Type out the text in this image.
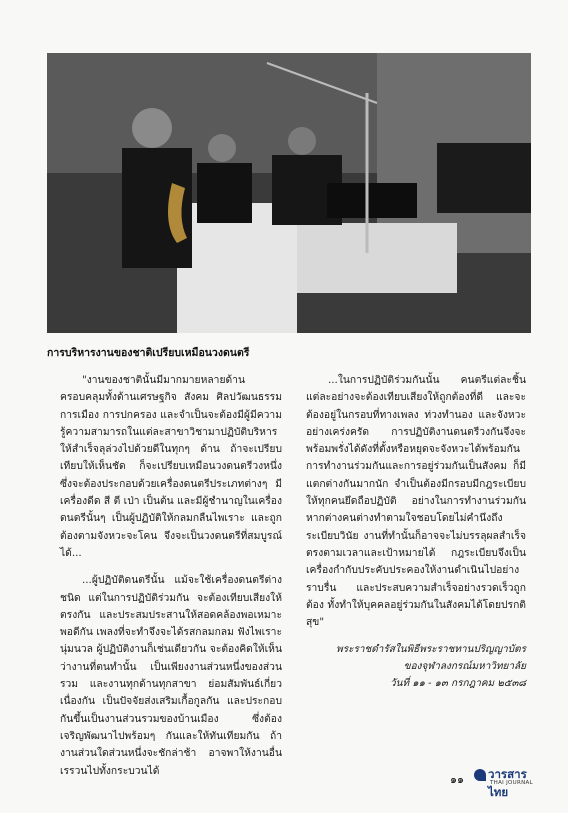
การบริหารงานของชาติเปรียบเหมือนวงดนตรี

"งานของชาตินั้นมีมากมายหลายด้าน ครอบคลุมทั้งด้านเศรษฐกิจ สังคม ศิลปวัฒนธรรม การเมือง การปกครอง และจำเป็นจะต้องมีผู้มีความรู้ความสามารถในแต่ละสาขาวิชามาปฏิบัติบริหารให้สำเร็จลุล่วงไปด้วยดีในทุกๆ ด้าน ถ้าจะเปรียบเทียบให้เห็นชัด ก็จะเปรียบเหมือนวงดนตรีวงหนึ่ง ซึ่งจะต้องประกอบด้วยเครื่องดนตรีประเภทต่างๆ มีเครื่องดีด สี ตี เป่า เป็นต้น และมีผู้ชำนาญในเครื่องดนตรีนั้นๆ เป็นผู้ปฏิบัติให้กลมกลืนไพเราะ และถูกต้องตามจังหวะจะโคน จึงจะเป็นวงดนตรีที่สมบูรณ์ได้...

...ผู้ปฏิบัติดนตรีนั้น แม้จะใช้เครื่องดนตรีต่างชนิด แต่ในการปฏิบัติร่วมกัน จะต้องเทียบเสียงให้ตรงกัน และประสมประสานให้สอดคล้องพอเหมาะพอดีกัน เพลงที่จะทำจึงจะได้รสกลมกลม ฟังไพเราะนุ่มนวล ผู้ปฏิบัติงานก็เช่นเดียวกัน จะต้องคิดให้เห็นว่างานที่ตนทำนั้น เป็นเพียงงานส่วนหนึ่งของส่วนรวม และงานทุกด้านทุกสาขา ย่อมสัมพันธ์เกี่ยวเนื่องกัน เป็นปัจจัยส่งเสริมเกื้อกูลกัน และประกอบกันขึ้นเป็นงานส่วนรวมของบ้านเมือง ซึ่งต้องเจริญพัฒนาไปพร้อมๆ กันและให้ทันเทียมกัน ถ้างานส่วนใดส่วนหนึ่งจะชักล่าช้า อาจพาให้งานอื่นเรรวนไปทั้งกระบวนได้

...ในการปฏิบัติร่วมกันนั้น คนตรีแต่ละชิ้นแต่ละอย่างจะต้องเทียบเสียงให้ถูกต้องที่ดี และจะต้องอยู่ในกรอบที่ทางเพลง ท่วงทำนอง และจังหวะอย่างเคร่งครัด การปฏิบัติงานดนตรีวงกันจึงจะพร้อมพรั่งได้ดังที่ตั้งหรือหยุดจะจังหวะได้พร้อมกัน การทำงานร่วมกันและการอยู่ร่วมกันเป็นสังคม ก็มีแตกต่างกันมากนัก จำเป็นต้องมีกรอบมีกฎระเบียบให้ทุกคนยึดถือปฏิบัติ อย่างในการทำงานร่วมกัน หากต่างคนต่างทำตามใจชอบโดยไม่คำนึงถึงระเบียบวินัย งานที่ทำนั้นก็อาจจะไม่บรรลุผลสำเร็จตรงตามเวลาและเป้าหมายได้ กฎระเบียบจึงเป็นเครื่องกำกับประคับประคองให้งานดำเนินไปอย่างราบรื่น และประสบความสำเร็จอย่างรวดเร็วถูกต้อง ทั้งทำให้บุคคลอยู่ร่วมกันในสังคมได้โดยปรกติสุข"

พระราชดำรัสในพิธีพระราชทานปริญญาบัตร
ของจุฬาลงกรณ์มหาวิทยาลัย
วันที่ ๑๑ - ๑๓ กรกฎาคม ๒๕๓๘
๑๑ วารสารไทย
THAI JOURNAL
